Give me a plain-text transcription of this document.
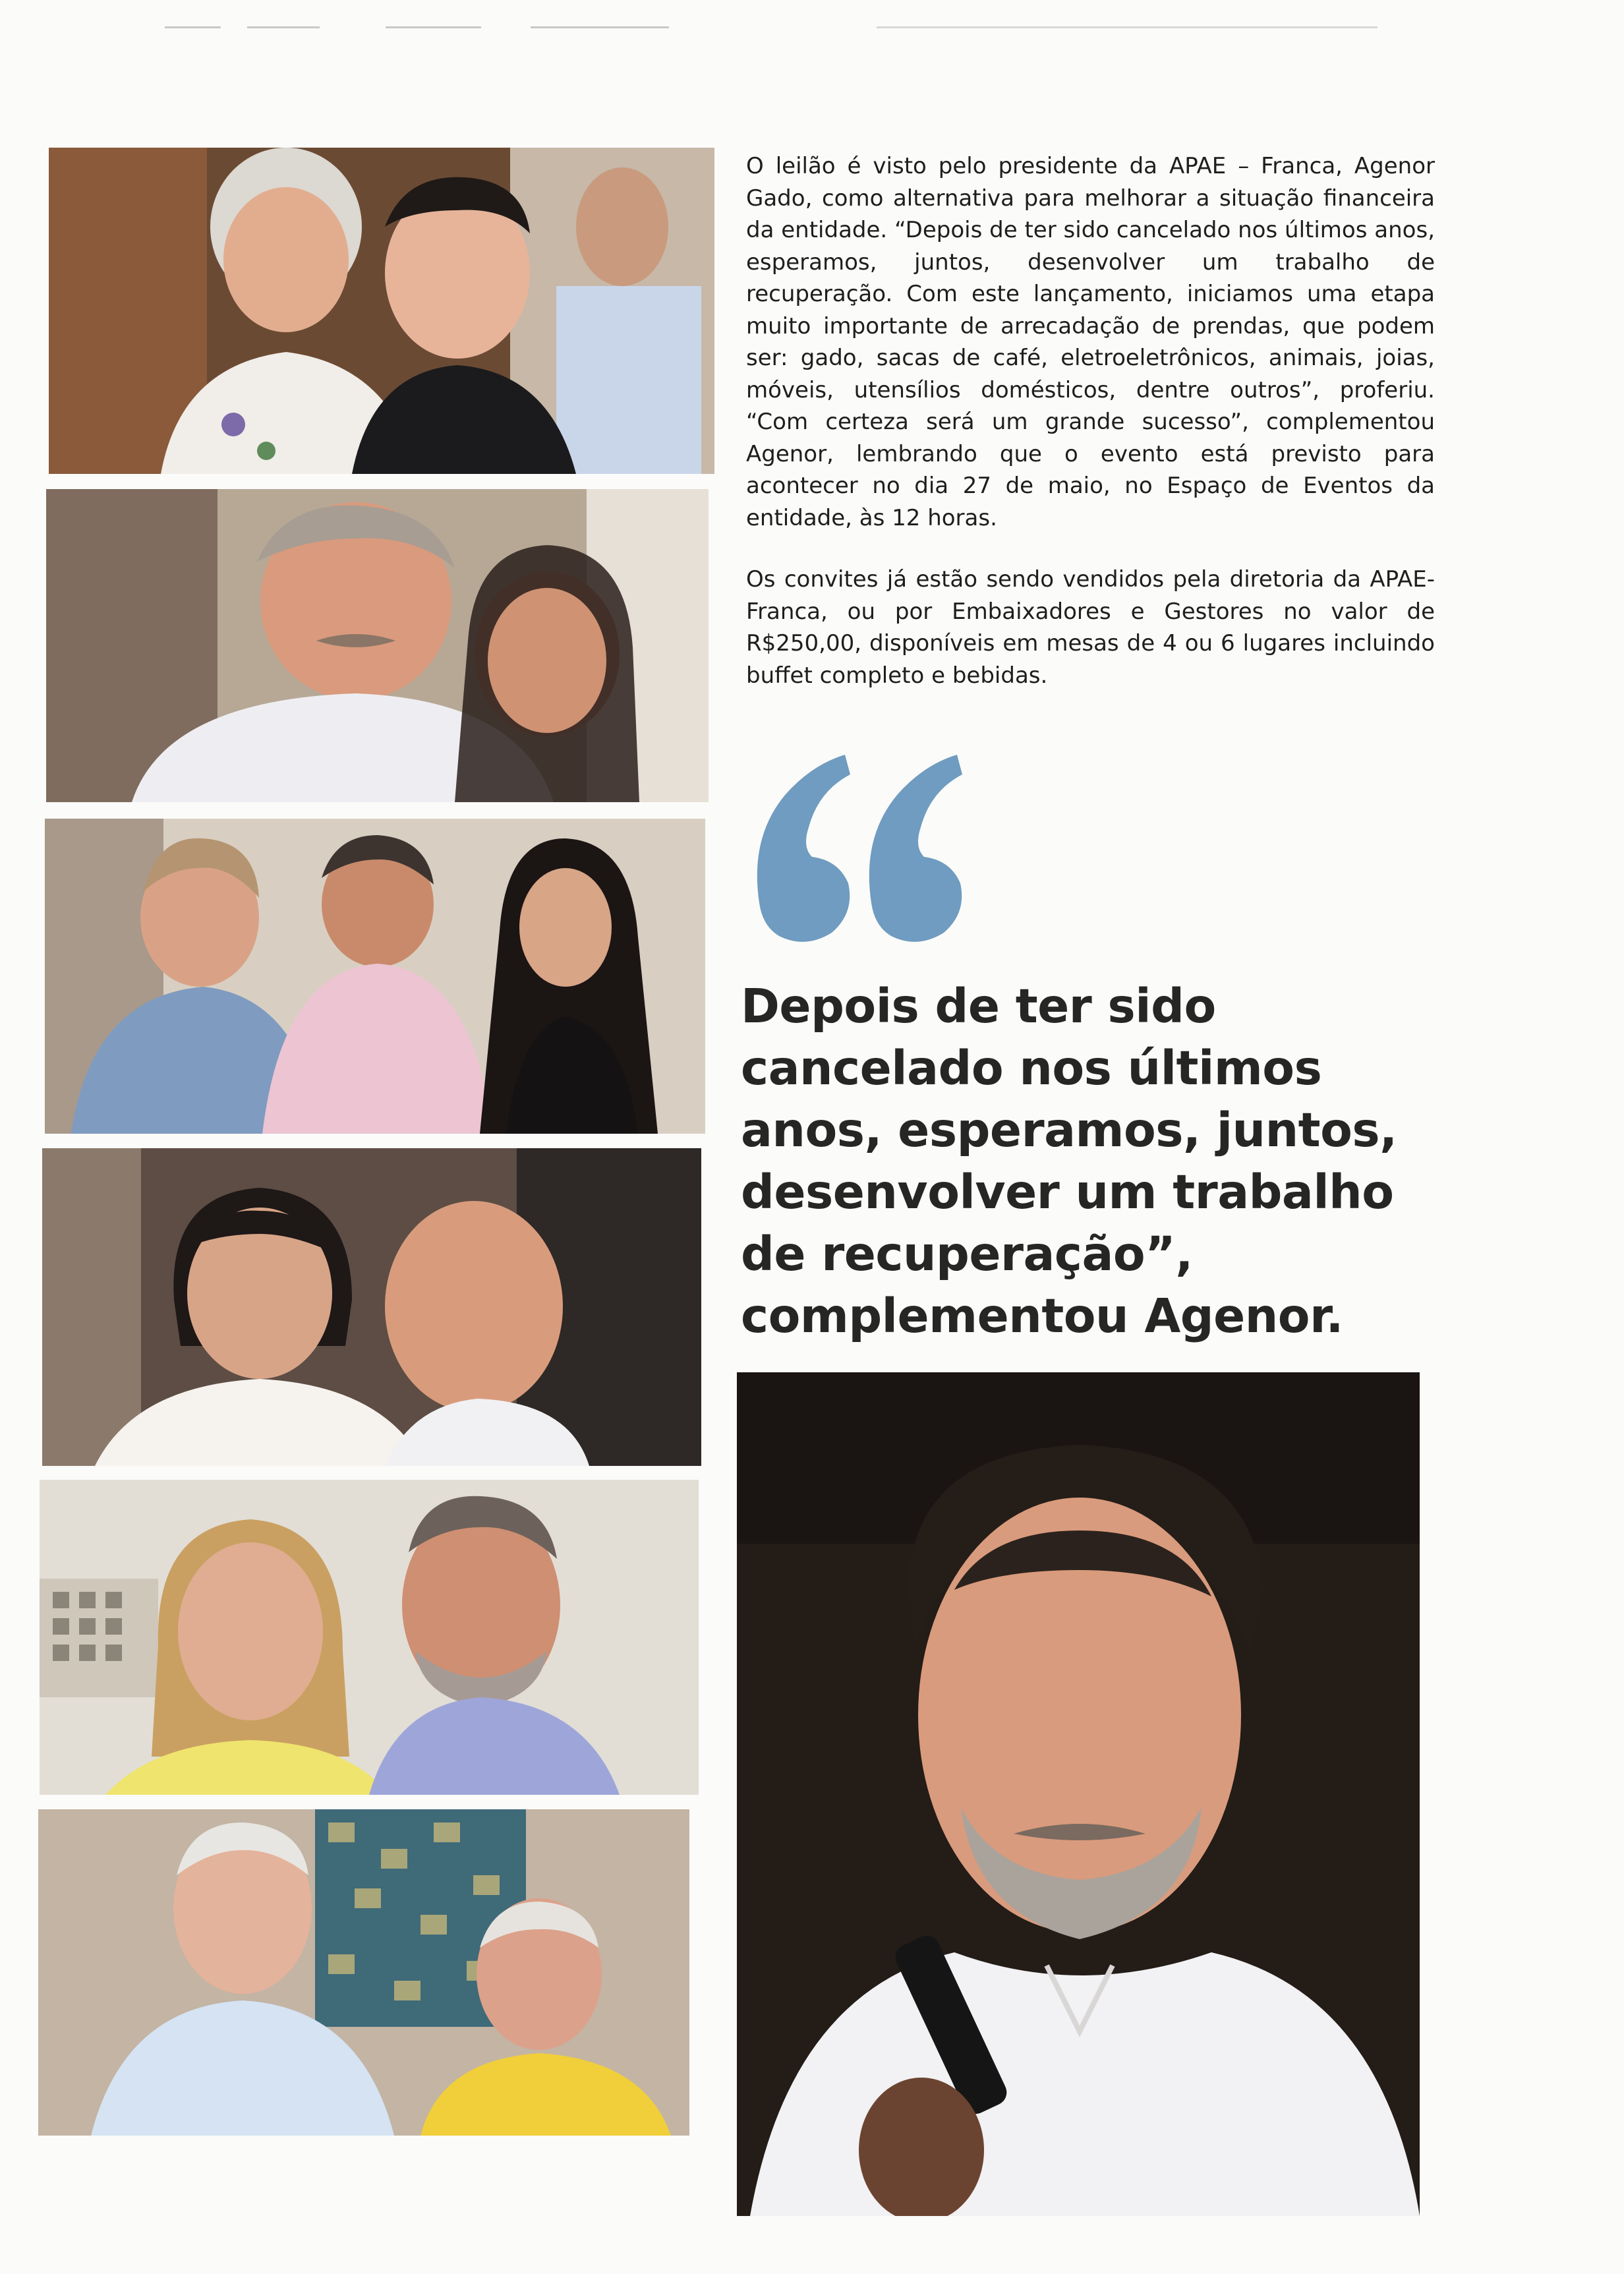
O leilão é visto pelo presidente da APAE – Franca, Agenor Gado, como alternativa para melhorar a situação financeira da entidade. “Depois de ter sido cancelado nos últimos anos, esperamos, juntos, desenvolver um trabalho de recuperação. Com este lançamento, iniciamos uma etapa muito importante de arrecadação de prendas, que podem ser: gado, sacas de café, eletroeletrônicos, animais, joias, móveis, utensílios domésticos, dentre outros”, proferiu. “Com certeza será um grande sucesso”, complementou Agenor, lembrando que o evento está previsto para acontecer no dia 27 de maio, no Espaço de Eventos da entidade, às 12 horas.

Os convites já estão sendo vendidos pela diretoria da APAE-Franca, ou por Embaixadores e Gestores no valor de R$250,00, disponíveis em mesas de 4 ou 6 lugares incluindo buffet completo e bebidas.

Depois de ter sido cancelado nos últimos anos, esperamos, juntos, desenvolver um trabalho de recuperação”, complementou Agenor.
